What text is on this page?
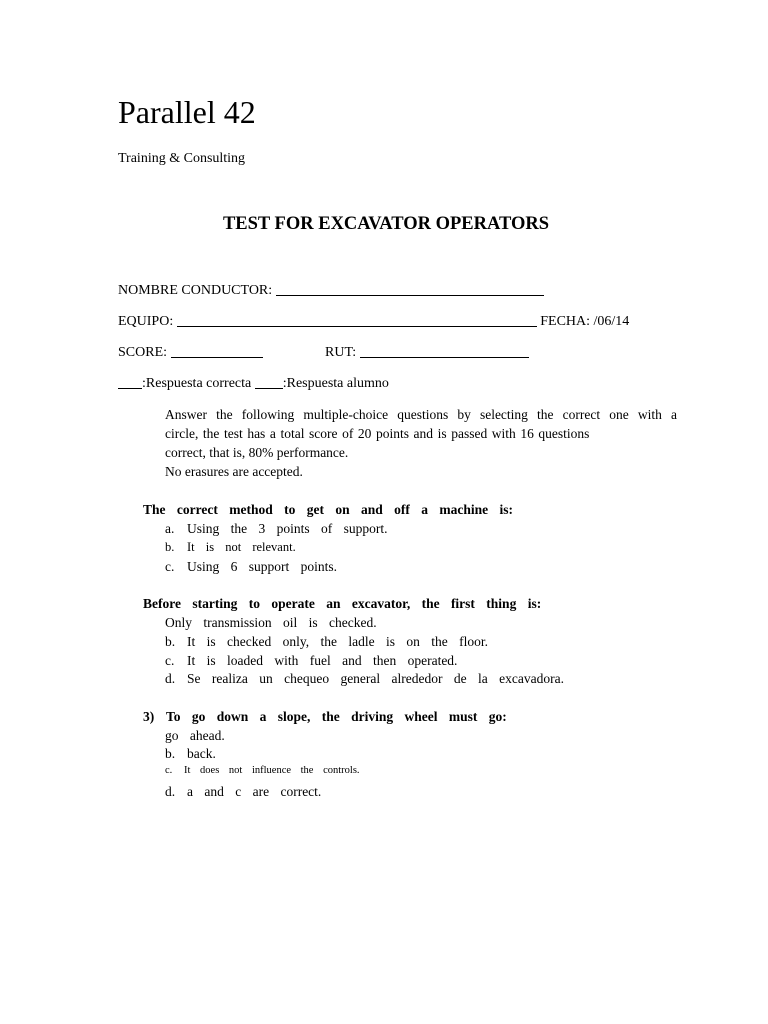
Parallel 42
Training & Consulting
TEST FOR EXCAVATOR OPERATORS
NOMBRE CONDUCTOR:
EQUIPO:	FECHA: /06/14
SCORE:	RUT:
:Respuesta correcta :Respuesta alumno
Answer the following multiple-choice questions by selecting the correct one with a
circle, the test has a total score of 20 points and is passed with 16 questions
correct, that is, 80% performance.
No erasures are accepted.
The correct method to get on and off a machine is:
a. Using the 3 points of support.
b. It is not relevant.
c. Using 6 support points.
Before starting to operate an excavator, the first thing is:
Only transmission oil is checked.
b. It is checked only, the ladle is on the floor.
c. It is loaded with fuel and then operated.
d. Se realiza un chequeo general alrededor de la excavadora.
3) To go down a slope, the driving wheel must go:
go ahead.
b. back.
c. It does not influence the controls.
d. a and c are correct.
